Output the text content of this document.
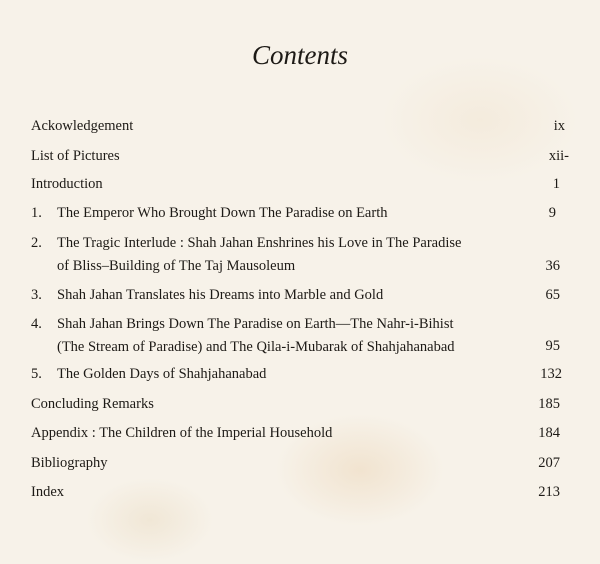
Contents
Ackowledgement	ix
List of Pictures	xii-
Introduction	1
1. The Emperor Who Brought Down The Paradise on Earth	9
2. The Tragic Interlude : Shah Jahan Enshrines his Love in The Paradise
of Bliss–Building of The Taj Mausoleum	36
3. Shah Jahan Translates his Dreams into Marble and Gold	65
4. Shah Jahan Brings Down The Paradise on Earth—The Nahr-i-Bihist
(The Stream of Paradise) and The Qila-i-Mubarak of Shahjahanabad	95
5. The Golden Days of Shahjahanabad	132
Concluding Remarks	185
Appendix : The Children of the Imperial Household	184
Bibliography	207
Index	213
